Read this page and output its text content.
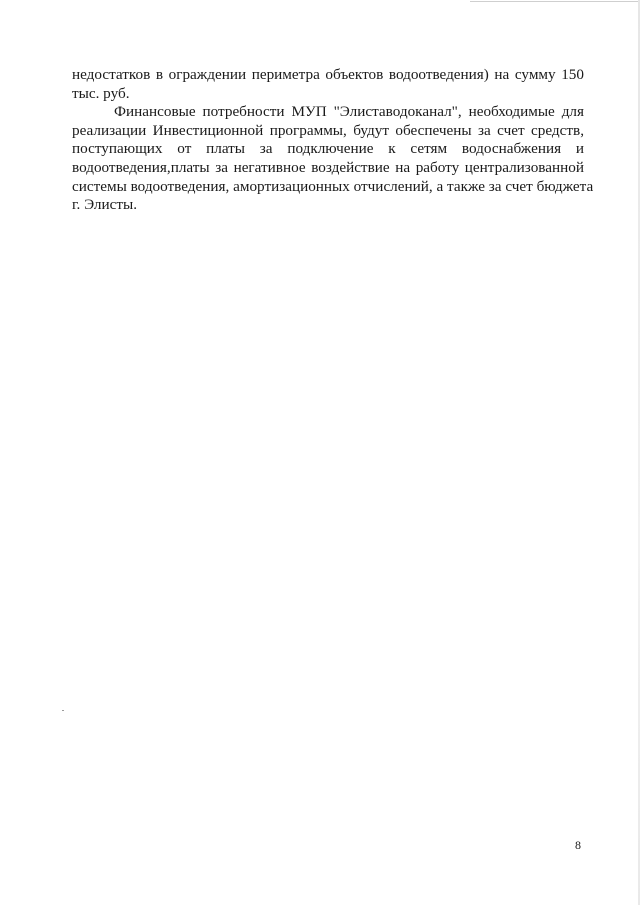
недостатков в ограждении периметра объектов водоотведения) на сумму 150
тыс. руб.
Финансовые потребности МУП "Элиставодоканал", необходимые для
реализации Инвестиционной программы, будут обеспечены за счет средств,
поступающих от платы за подключение к сетям водоснабжения и
водоотведения,платы за негативное воздействие на работу централизованной
системы водоотведения, амортизационных отчислений, а также за счет бюджета
г. Элисты.
8
